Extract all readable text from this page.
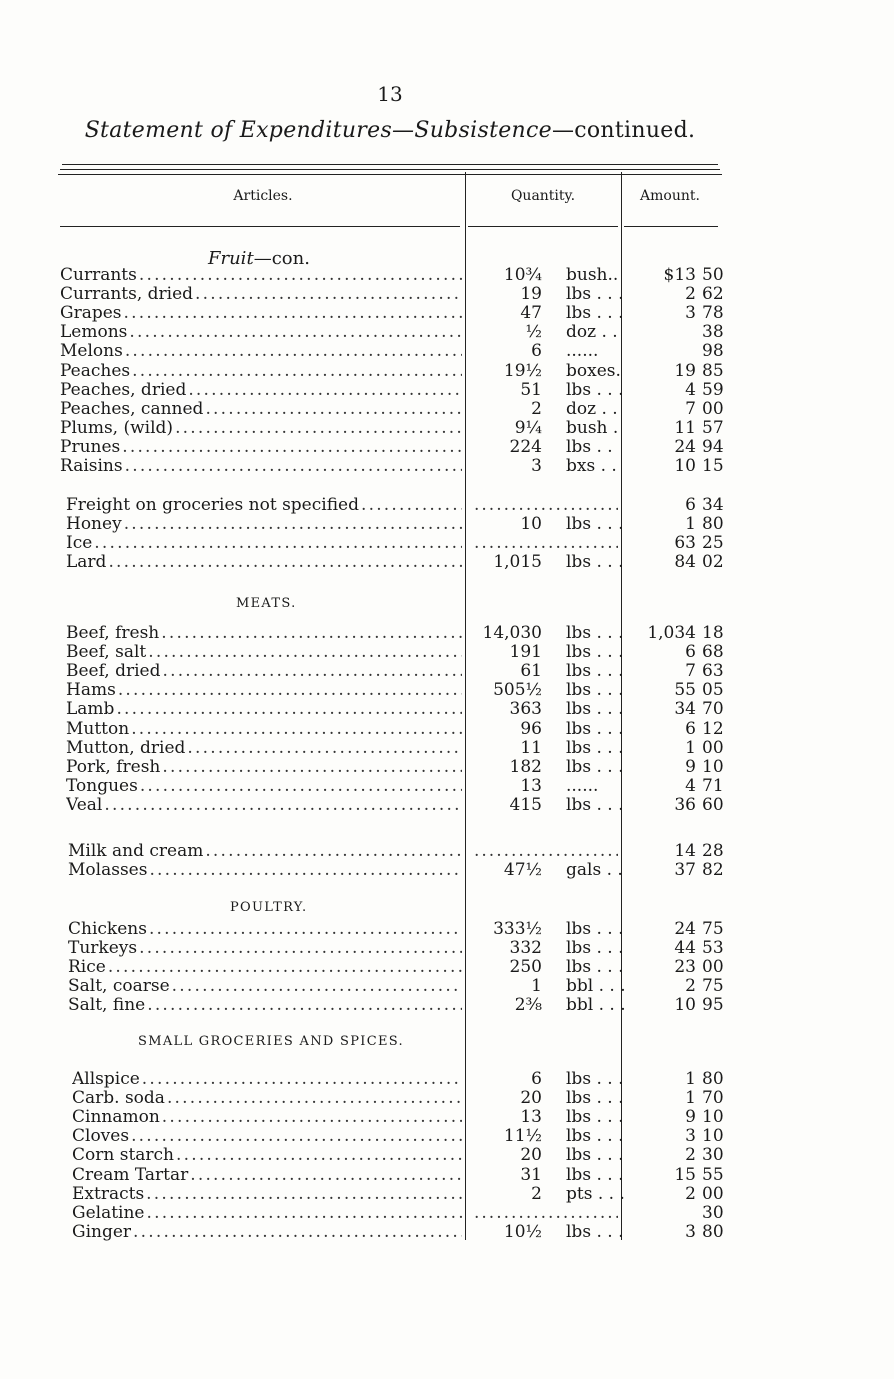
13
Statement of Expenditures—Subsistence—continued.
Articles.	Quantity.	Amount.
Fruit—con.
Currants .....	10¾ bush..	$13 50
Currants, dried .....	19 lbs . . .	2 62
Grapes .....	47 lbs . . .	3 78
Lemons .....	½ doz . .	38
Melons .....	6 ......	98
Peaches .....	19½ boxes.	19 85
Peaches, dried .....	51 lbs . . .	4 59
Peaches, canned .....	2 doz . .	7 00
Plums, (wild) .....	9¼ bush .	11 57
Prunes .....	224 lbs . .	24 94
Raisins .....	3 bxs . .	10 15
Freight on groceries not specified ..... .....	6 34
Honey .....	10 lbs . . .	1 80
Ice ..... .....	63 25
Lard .....	1,015 lbs . . .	84 02
MEATS.
Beef, fresh .....	14,030 lbs . . .	1,034 18
Beef, salt .....	191 lbs . . .	6 68
Beef, dried .....	61 lbs . . .	7 63
Hams .....	505½ lbs . . .	55 05
Lamb .....	363 lbs . . .	34 70
Mutton .....	96 lbs . . .	6 12
Mutton, dried .....	11 lbs . . .	1 00
Pork, fresh .....	182 lbs . . .	9 10
Tongues .....	13 ......	4 71
Veal .....	415 lbs . . .	36 60
Milk and cream ..... .....	14 28
Molasses .....	47½ gals . .	37 82
POULTRY.
Chickens .....	333½ lbs . . .	24 75
Turkeys .....	332 lbs . . .	44 53
Rice .....	250 lbs . . .	23 00
Salt, coarse .....	1 bbl . . .	2 75
Salt, fine .....	2⅜ bbl . . .	10 95
SMALL GROCERIES AND SPICES.
Allspice .....	6 lbs . . .	1 80
Carb. soda .....	20 lbs . . .	1 70
Cinnamon .....	13 lbs . . .	9 10
Cloves .....	11½ lbs . . .	3 10
Corn starch .....	20 lbs . . .	2 30
Cream Tartar .....	31 lbs . . .	15 55
Extracts .....	2 pts . . .	2 00
Gelatine ..... .....	30
Ginger .....	10½ lbs . . .	3 80
